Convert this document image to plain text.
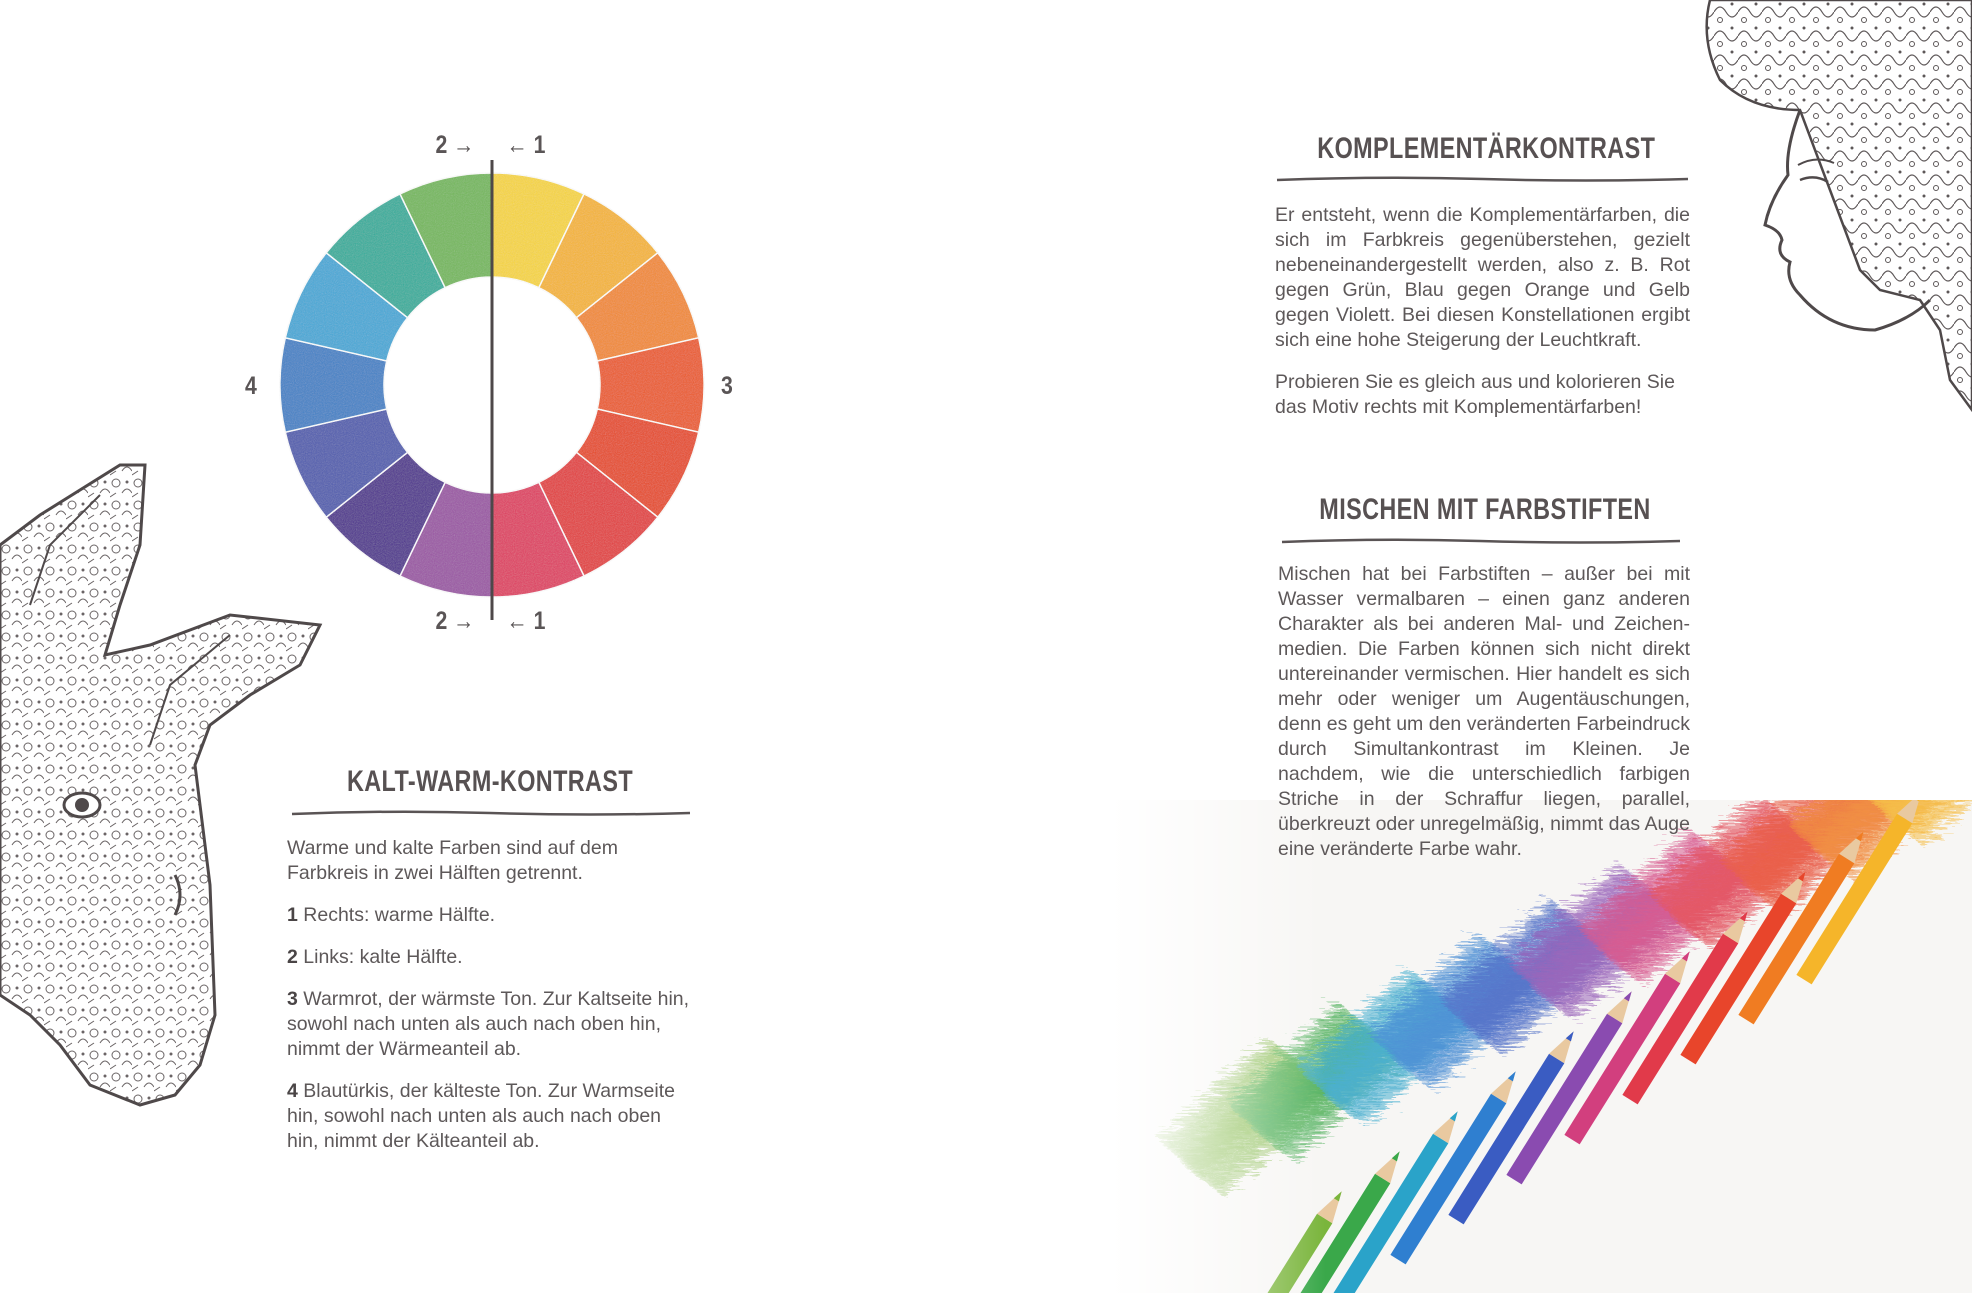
2 → ← 1
2 → ← 1
4	3
KALT-WARM-KONTRAST

Warme und kalte Farben sind auf dem Farbkreis in zwei Hälften getrennt.

1 Rechts: warme Hälfte.

2 Links: kalte Hälfte.

3 Warmrot, der wärmste Ton. Zur Kaltseite hin, sowohl nach unten als auch nach oben hin, nimmt der Wärmeanteil ab.

4 Blautürkis, der kälteste Ton. Zur Warmseite hin, sowohl nach unten als auch nach oben hin, nimmt der Kälteanteil ab.

KOMPLEMENTÄRKONTRAST

Er entsteht, wenn die Komplementärfarben, die sich im Farbkreis gegenüberstehen, gezielt nebeneinandergestellt werden, also z. B. Rot gegen Grün, Blau gegen Orange und Gelb gegen Violett. Bei diesen Konstellationen ergibt sich eine hohe Steigerung der Leuchtkraft.

Probieren Sie es gleich aus und kolorieren Sie das Motiv rechts mit Komplementärfarben!

MISCHEN MIT FARBSTIFTEN

Mischen hat bei Farbstiften – außer bei mit Wasser vermalbaren – einen ganz anderen Charakter als bei anderen Mal- und Zeichenmedien. Die Farben können sich nicht direkt untereinander vermischen. Hier handelt es sich mehr oder weniger um Augentäuschungen, denn es geht um den veränderten Farbeindruck durch Simultankontrast im Kleinen. Je nachdem, wie die unterschiedlich farbigen Striche in der Schraffur liegen, parallel, überkreuzt oder unregelmäßig, nimmt das Auge eine veränderte Farbe wahr.
